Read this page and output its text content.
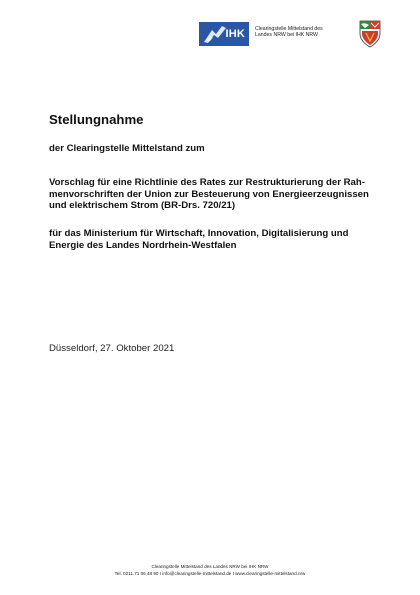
IHK Clearingstelle Mittelstand des
Landes NRW bei IHK NRW
Stellungnahme
der Clearingstelle Mittelstand zum
Vorschlag für eine Richtlinie des Rates zur Restrukturierung der Rah-
menvorschriften der Union zur Besteuerung von Energieerzeugnissen
und elektrischem Strom (BR-Drs. 720/21)
für das Ministerium für Wirtschaft, Innovation, Digitalisierung und
Energie des Landes Nordrhein-Westfalen
Düsseldorf, 27. Oktober 2021
Clearingstelle Mittelstand des Landes NRW bei IHK NRW
Tel. 0211.71 06 48 90 I info@clearingstelle-mittelstand.de I www.clearingstelle-mittelstand.nrw
